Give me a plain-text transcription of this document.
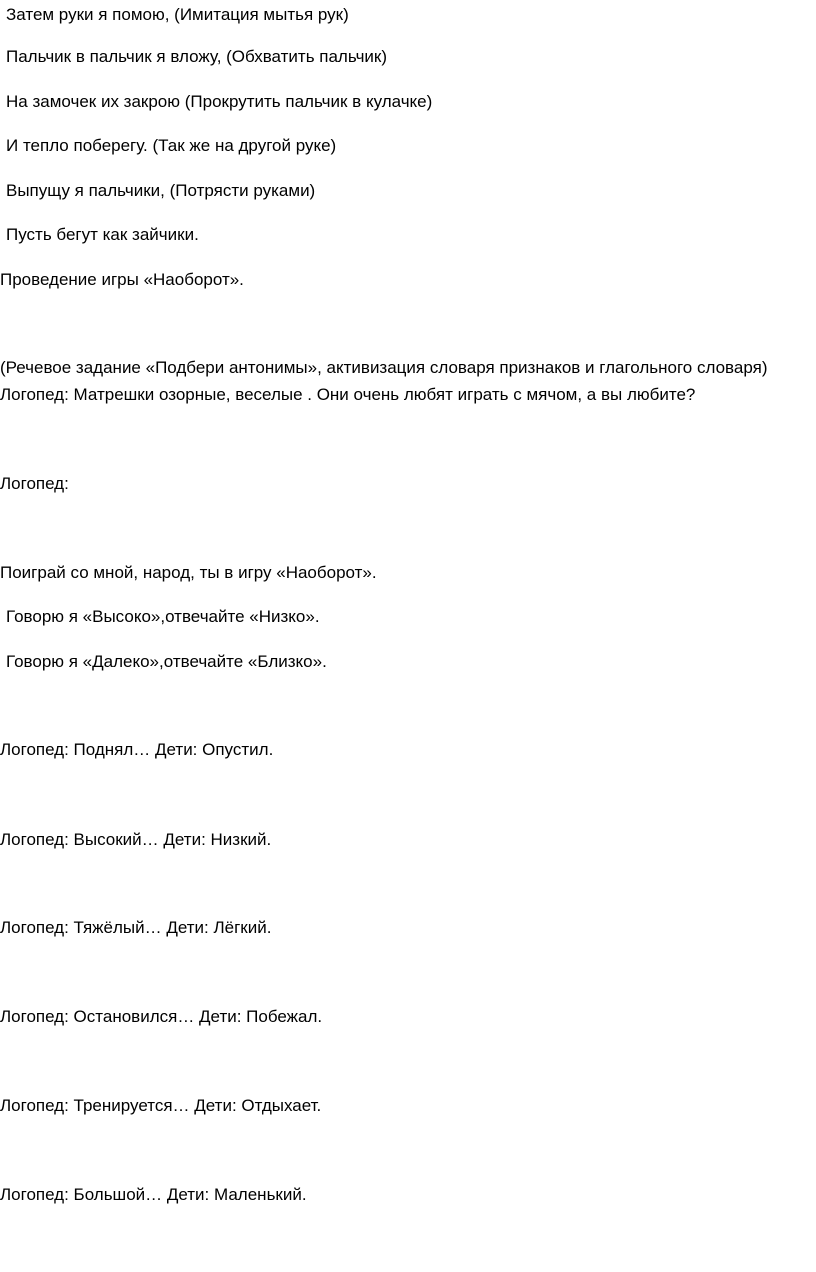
Затем руки я помою, (Имитация мытья рук)

Пальчик в пальчик я вложу, (Обхватить пальчик)

На замочек их закрою (Прокрутить пальчик в кулачке)

И тепло поберегу. (Так же на другой руке)

Выпущу я пальчики, (Потрясти руками)

Пусть бегут как зайчики.

Проведение игры «Наоборот».

(Речевое задание «Подбери антонимы», активизация словаря признаков и глагольного словаря)

Логопед: Матрешки озорные, веселые . Они очень любят играть с мячом, а вы любите?

Логопед:

Поиграй со мной, народ, ты в игру «Наоборот».

Говорю я «Высоко»,отвечайте «Низко».

Говорю я «Далеко»,отвечайте «Близко».

Логопед: Поднял… Дети: Опустил.

Логопед: Высокий… Дети: Низкий.

Логопед: Тяжёлый… Дети: Лёгкий.

Логопед: Остановился… Дети: Побежал.

Логопед: Тренируется… Дети: Отдыхает.

Логопед: Большой… Дети: Маленький.
